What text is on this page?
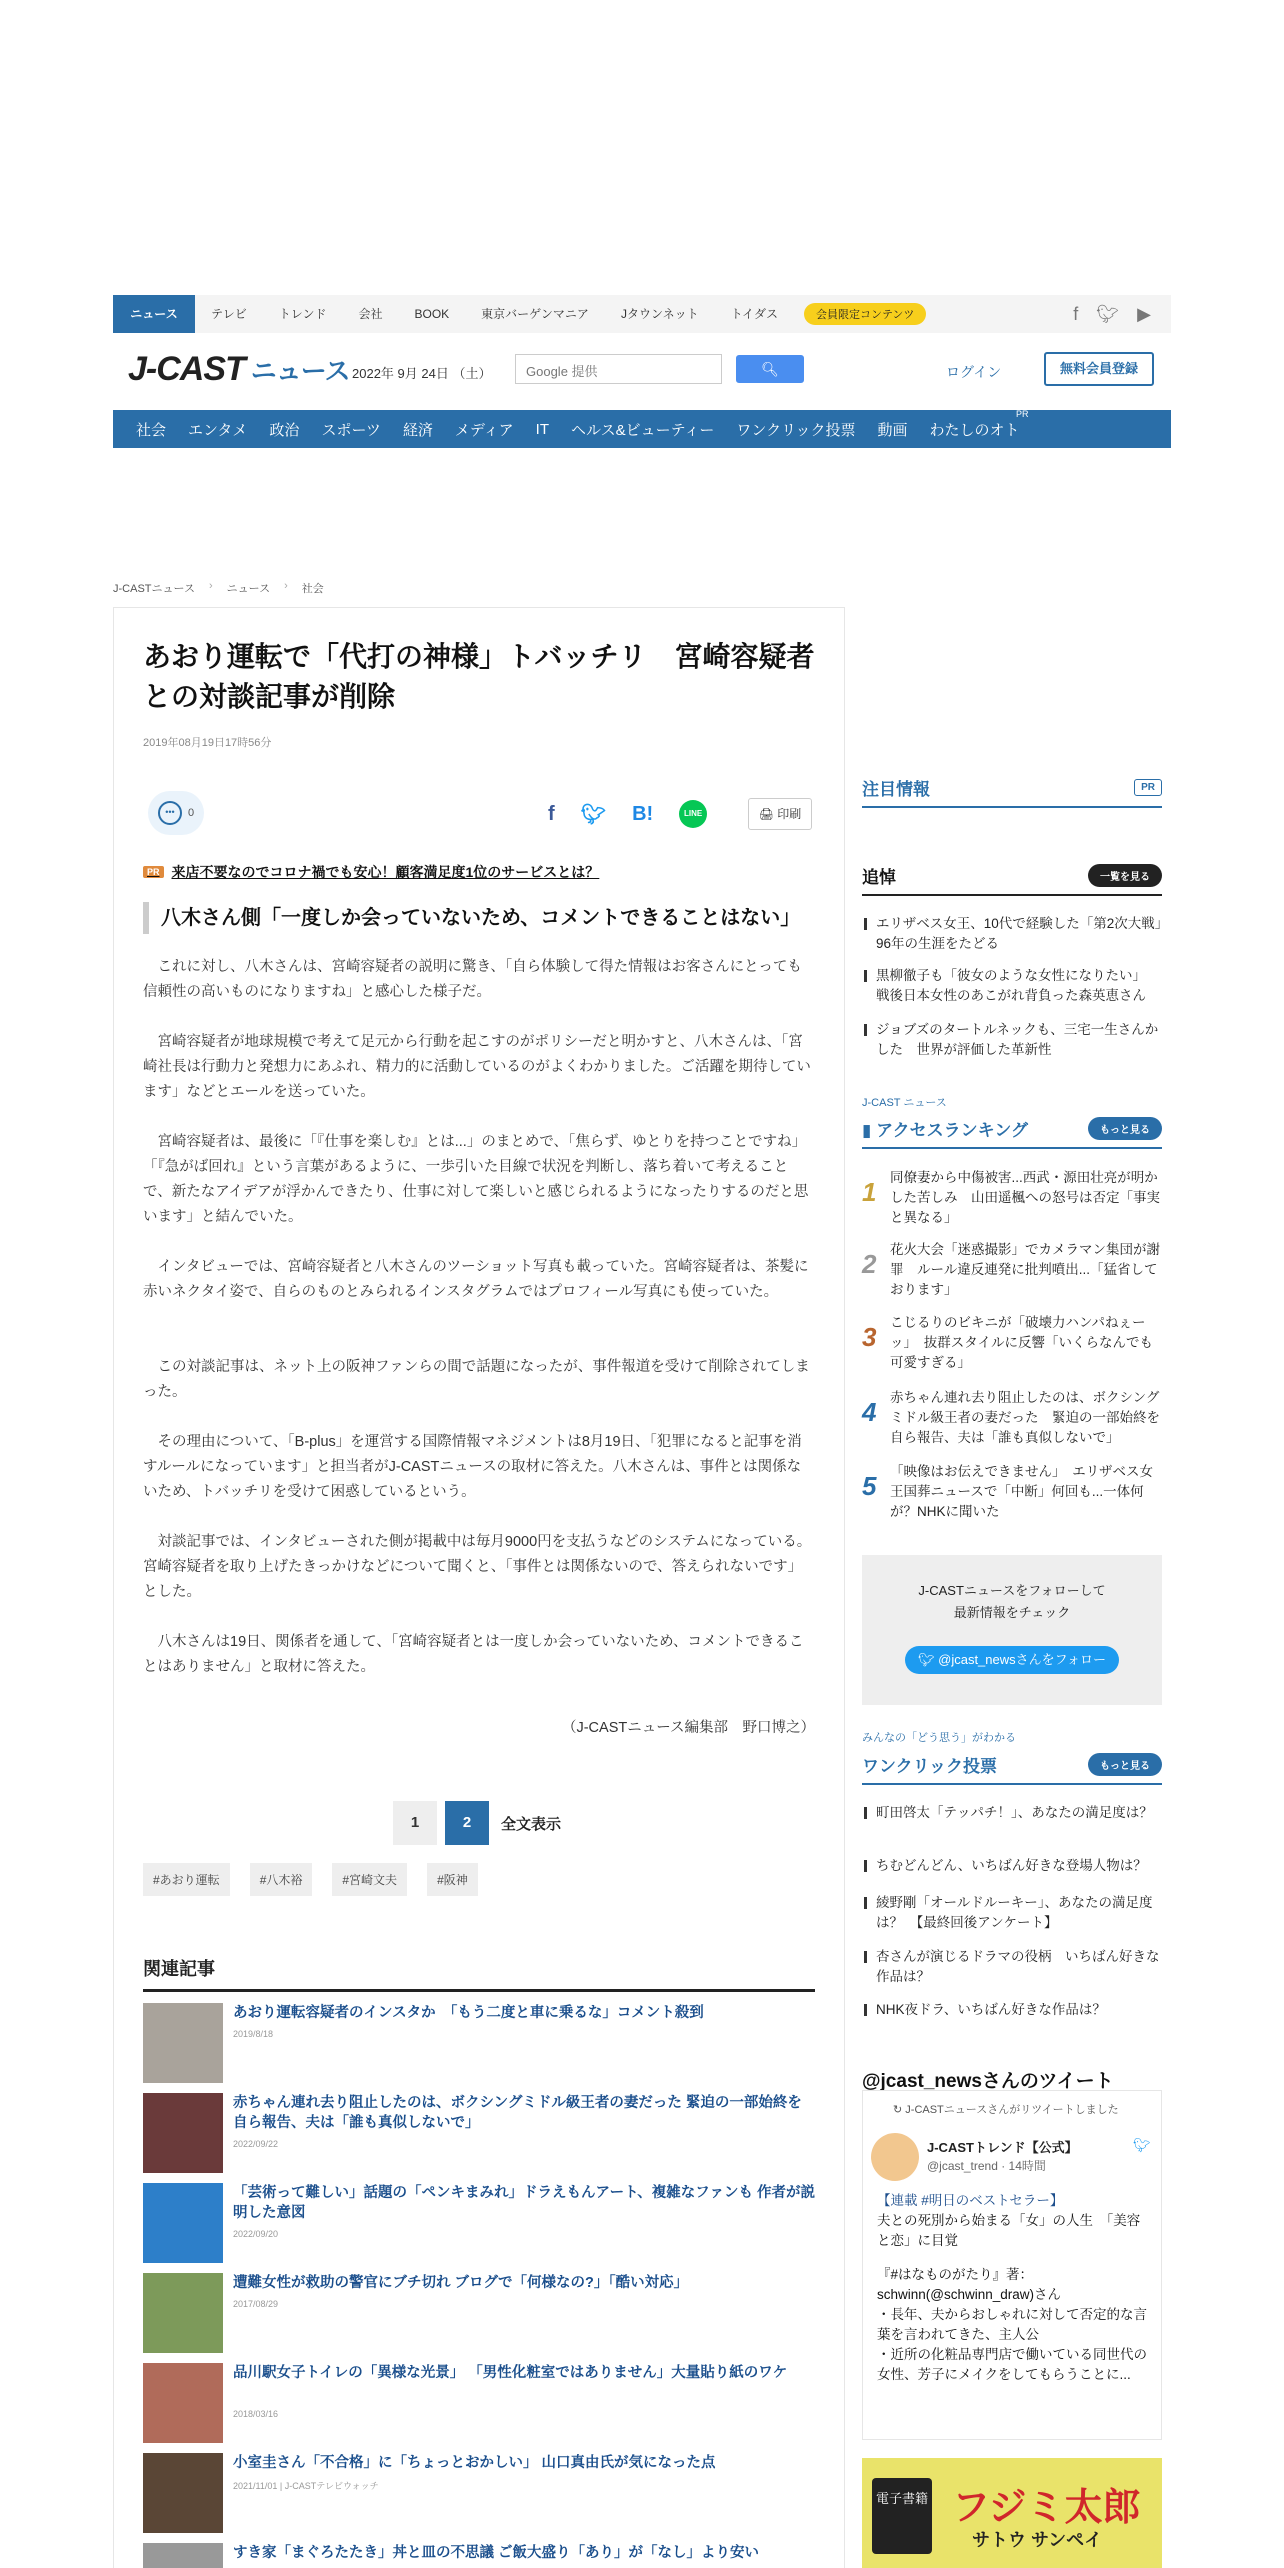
ニュース	テレビ	トレンド	会社	BOOK	東京バーゲンマニア	Jタウンネット	トイダス	会員限定コンテンツ	f 🐦︎ ▶
J-CAST ニュース 2022年 9月 24日 （土）	Google 提供	🔍︎	ログイン	無料会員登録
社会	エンタメ	政治	スポーツ	経済	メディア	IT	ヘルス&ビューティー	ワンクリック投票	動画	わたしのオト
PR
J-CASTニュース › ニュース › 社会
あおり運転で「代打の神様」トバッチリ　宮崎容疑者との対談記事が削除
2019年08月19日17時56分
•••	0	f 🐦︎ B!	LINE	🖨︎ 印刷
PR 来店不要なのでコロナ禍でも安心！顧客満足度1位のサービスとは？
八木さん側「一度しか会っていないため、コメントできることはない」

　これに対し、八木さんは、宮崎容疑者の説明に驚き、「自ら体験して得た情報はお客さんにとっても信頼性の高いものになりますね」と感心した様子だ。

　宮崎容疑者が地球規模で考えて足元から行動を起こすのがポリシーだと明かすと、八木さんは、「宮崎社長は行動力と発想力にあふれ、精力的に活動しているのがよくわかりました。ご活躍を期待しています」などとエールを送っていた。

　宮崎容疑者は、最後に「『仕事を楽しむ』とは...」のまとめで、「焦らず、ゆとりを持つことですね」「『急がば回れ』という言葉があるように、一歩引いた目線で状況を判断し、落ち着いて考えることで、新たなアイデアが浮かんできたり、仕事に対して楽しいと感じられるようになったりするのだと思います」と結んでいた。

　インタビューでは、宮崎容疑者と八木さんのツーショット写真も載っていた。宮崎容疑者は、茶髪に赤いネクタイ姿で、自らのものとみられるインスタグラムではプロフィール写真にも使っていた。

　この対談記事は、ネット上の阪神ファンらの間で話題になったが、事件報道を受けて削除されてしまった。

　その理由について、「B-plus」を運営する国際情報マネジメントは8月19日、「犯罪になると記事を消すルールになっています」と担当者がJ-CASTニュースの取材に答えた。八木さんは、事件とは関係ないため、トバッチリを受けて困惑しているという。

　対談記事では、インタビューされた側が掲載中は毎月9000円を支払うなどのシステムになっている。宮崎容疑者を取り上げたきっかけなどについて聞くと、「事件とは関係ないので、答えられないです」とした。

　八木さんは19日、関係者を通して、「宮崎容疑者とは一度しか会っていないため、コメントできることはありません」と取材に答えた。

（J-CASTニュース編集部　野口博之）

1	2	全文表示
#あおり運転	#八木裕	#宮崎文夫	#阪神
関連記事
あおり運転容疑者のインスタか　「もう二度と車に乗るな」コメント殺到
2019/8/18
赤ちゃん連れ去り阻止したのは、ボクシングミドル級王者の妻だった 緊迫の一部始終を自ら報告、夫は「誰も真似しないで」
2022/09/22
「芸術って難しい」話題の「ペンキまみれ」ドラえもんアート、複雑なファンも 作者が説明した意図
2022/09/20
遭難女性が救助の警官にブチ切れ ブログで「何様なの?」「酷い対応」
2017/08/29
品川駅女子トイレの「異様な光景」 「男性化粧室ではありません」大量貼り紙のワケ
2018/03/16
小室圭さん「不合格」に「ちょっとおかしい」 山口真由氏が気になった点
2021/11/01 | J-CASTテレビウォッチ
すき家「まぐろたたき」丼と皿の不思議 ご飯大盛り「あり」が「なし」より安い
注目情報	PR
追悼	一覧を見る
エリザベス女王、10代で経験した「第2次大戦」　96年の生涯をたどる
黒柳徹子も「彼女のような女性になりたい」　戦後日本女性のあこがれ背負った森英恵さん
ジョブズのタートルネックも、三宅一生さんかした　世界が評価した革新性
J-CAST ニュース
▮ アクセスランキング	もっと見る
1 同僚妻から中傷被害...西武・源田壮亮が明かした苦しみ　山田遥楓への怒号は否定「事実と異なる」
2 花火大会「迷惑撮影」でカメラマン集団が謝罪　ルール違反連発に批判噴出...「猛省しております」
3 こじるりのビキニが「破壊力ハンパねぇーッ」　抜群スタイルに反響「いくらなんでも可愛すぎる」
4 赤ちゃん連れ去り阻止したのは、ボクシングミドル級王者の妻だった　緊迫の一部始終を自ら報告、夫は「誰も真似しないで」
5 「映像はお伝えできません」　エリザベス女王国葬ニュースで「中断」何回も...一体何が？NHKに聞いた
J-CASTニュースをフォローして
最新情報をチェック
🐦︎ @jcast_newsさんをフォロー
みんなの「どう思う」がわかる
ワンクリック投票	もっと見る
町田啓太「テッパチ！」、あなたの満足度は？
ちむどんどん、いちばん好きな登場人物は？
綾野剛「オールドルーキー」、あなたの満足度は？　【最終回後アンケート】
杏さんが演じるドラマの役柄　いちばん好きな作品は？
NHK夜ドラ、いちばん好きな作品は？
@jcast_newsさんのツイート
↻ J-CASTニュースさんがリツイートしました
J-CASTトレンド【公式】
@jcast_trend · 14時間
🐦︎
【連載 #明日のベストセラー】
夫との死別から始まる「女」の人生　「美容と恋」に目覚
『#はなものがたり』著：schwinn(@schwinn_draw)さん
・長年、夫からおしゃれに対して否定的な言葉を言われてきた、主人公
・近所の化粧品専門店で働いている同世代の女性、芳子にメイクをしてもらうことに...
電子書籍 フジミ太郎
サトウ サンペイ
